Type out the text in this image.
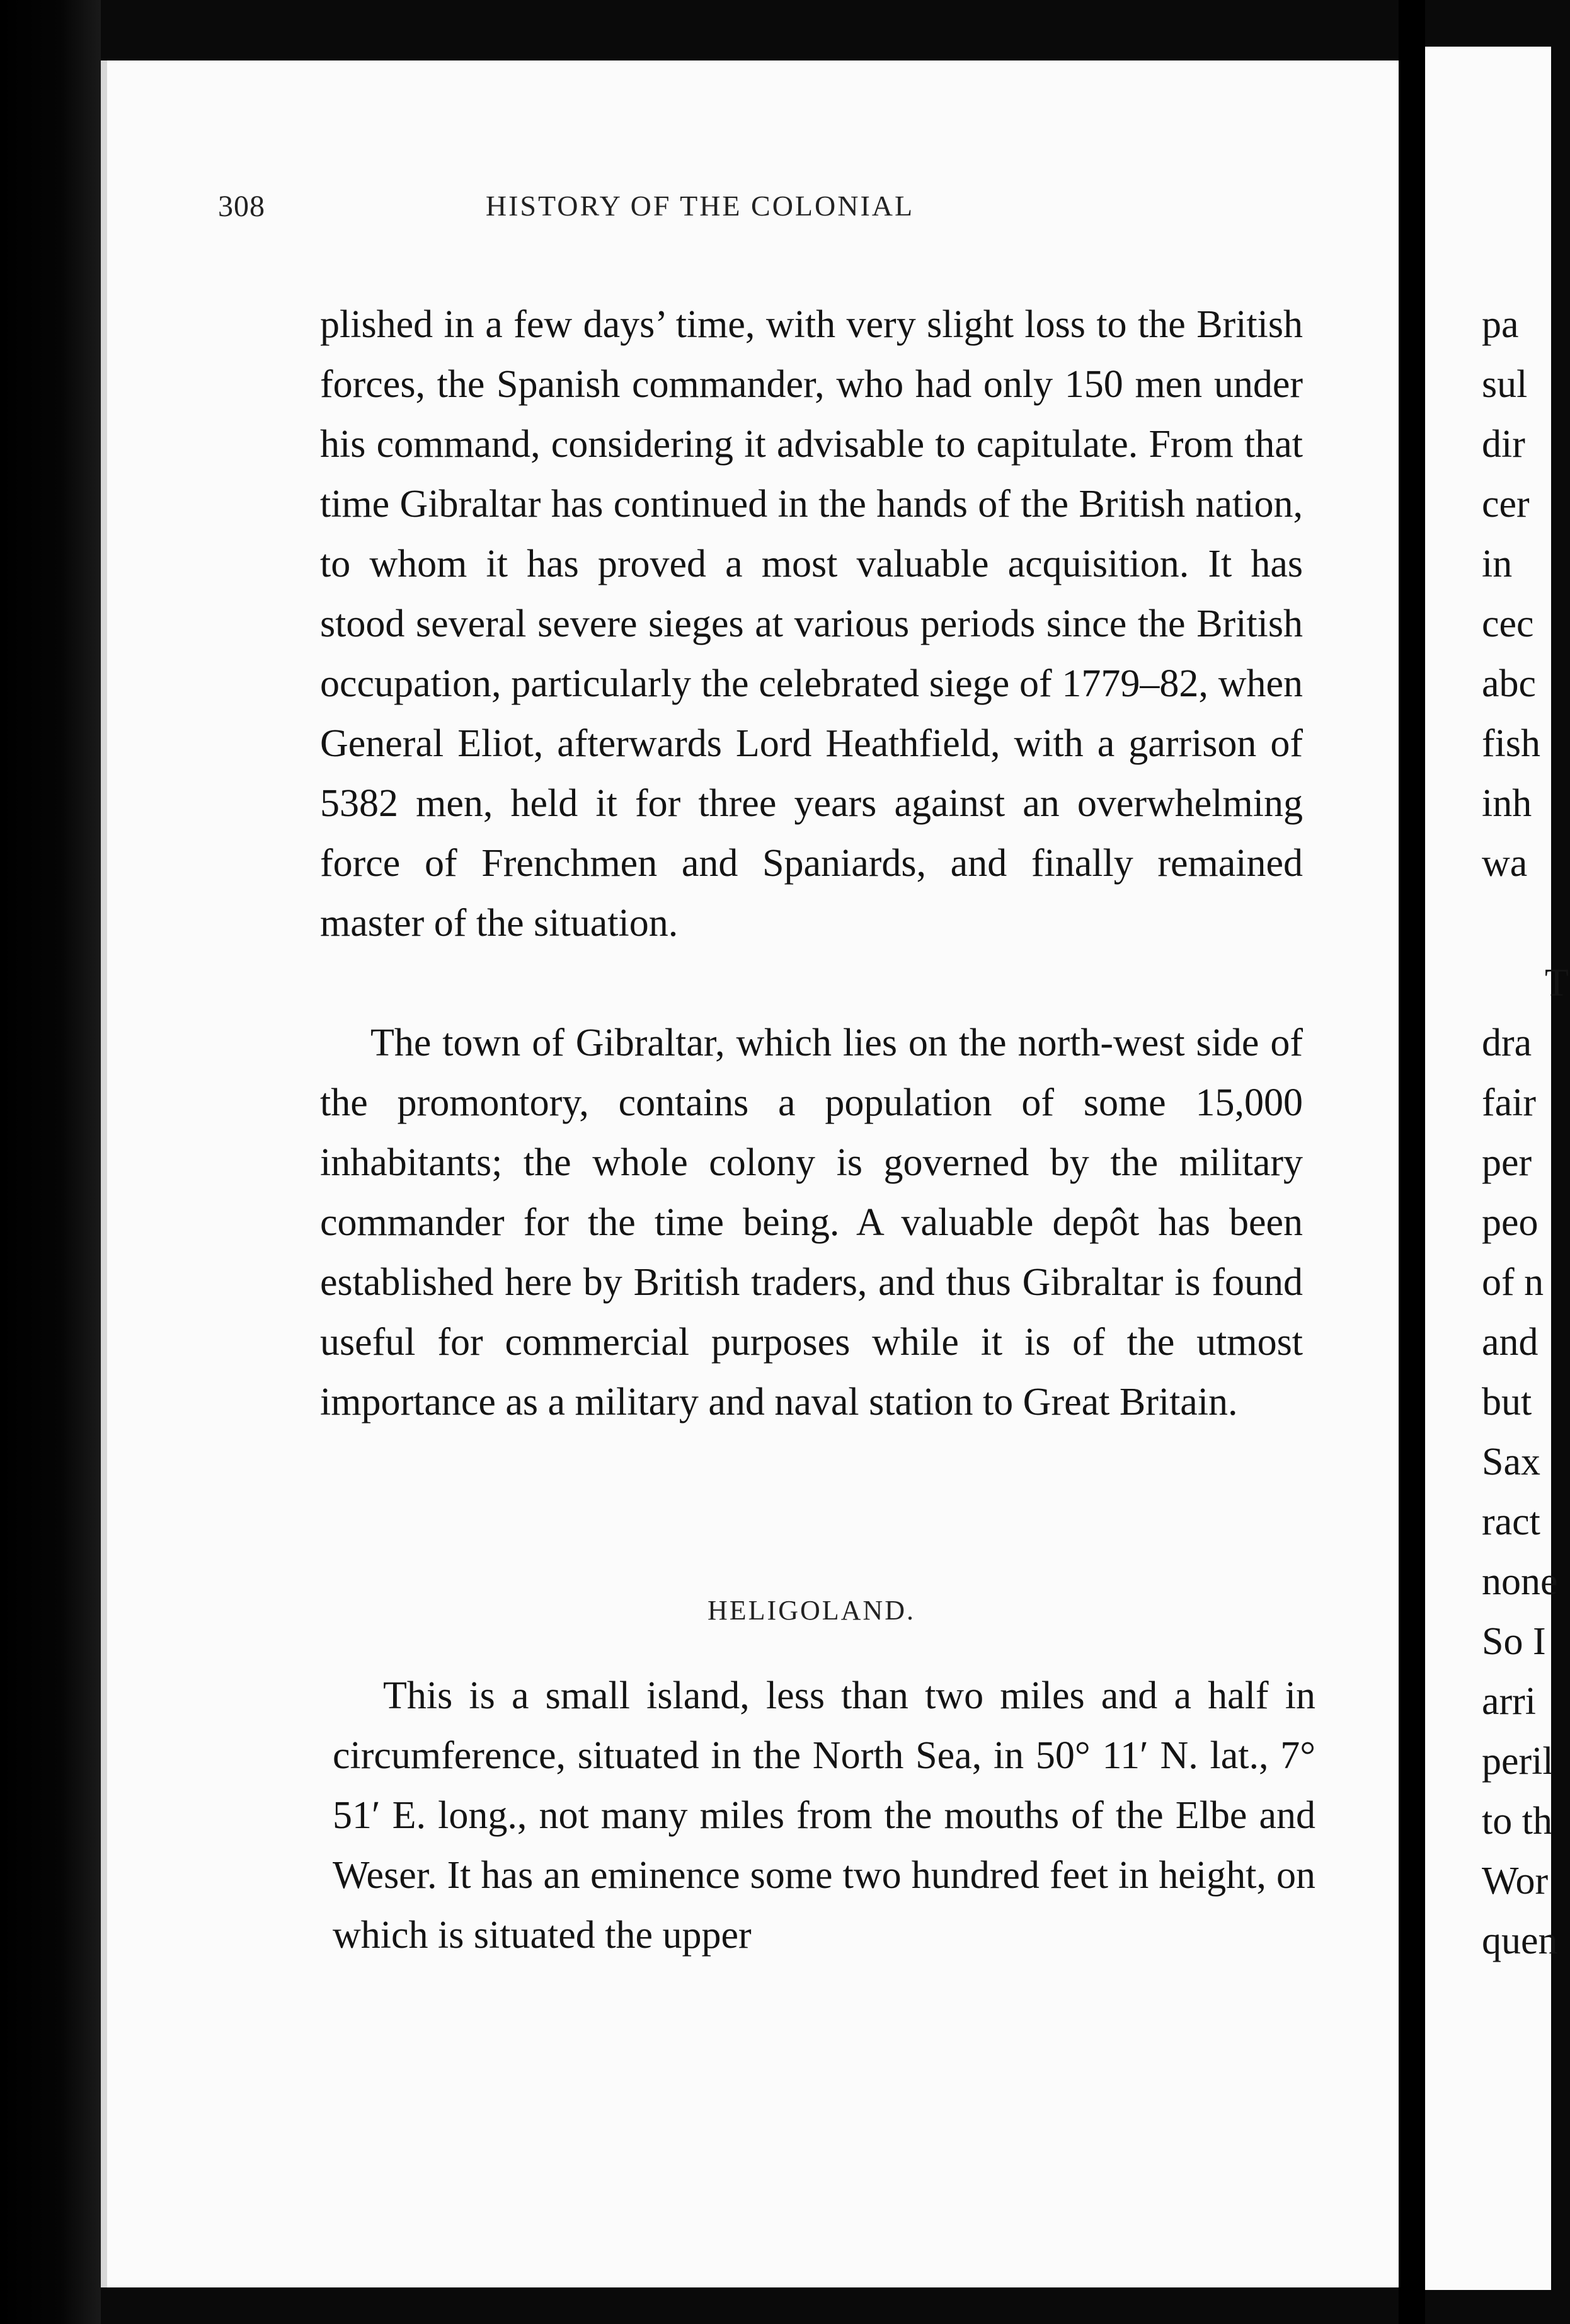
308	HISTORY OF THE COLONIAL
plished in a few days’ time, with very slight loss to the British forces, the Spanish commander, who had only 150 men under his command, considering it advisable to capitulate. From that time Gibraltar has continued in the hands of the British nation, to whom it has proved a most valuable acquisition. It has stood several severe sieges at various periods since the British occupation, particularly the celebrated siege of 1779–82, when General Eliot, afterwards Lord Heathfield, with a garrison of 5382 men, held it for three years against an overwhelming force of Frenchmen and Spaniards, and finally remained master of the situation.
The town of Gibraltar, which lies on the north-west side of the promontory, contains a population of some 15,000 inhabitants; the whole colony is governed by the military commander for the time being. A valuable depôt has been established here by British traders, and thus Gibraltar is found useful for commercial purposes while it is of the utmost importance as a military and naval station to Great Britain.
HELIGOLAND.
This is a small island, less than two miles and a half in circumference, situated in the North Sea, in 50° 11′ N. lat., 7° 51′ E. long., not many miles from the mouths of the Elbe and Weser. It has an eminence some two hundred feet in height, on which is situated the upper
pa
sul
dir
cer
in
cec
abc
fish
inh
wa
T
dra
fair
per
peo
of n
and
but
Sax
ract
none
So I
arri
peril
to th
Wor
quen
